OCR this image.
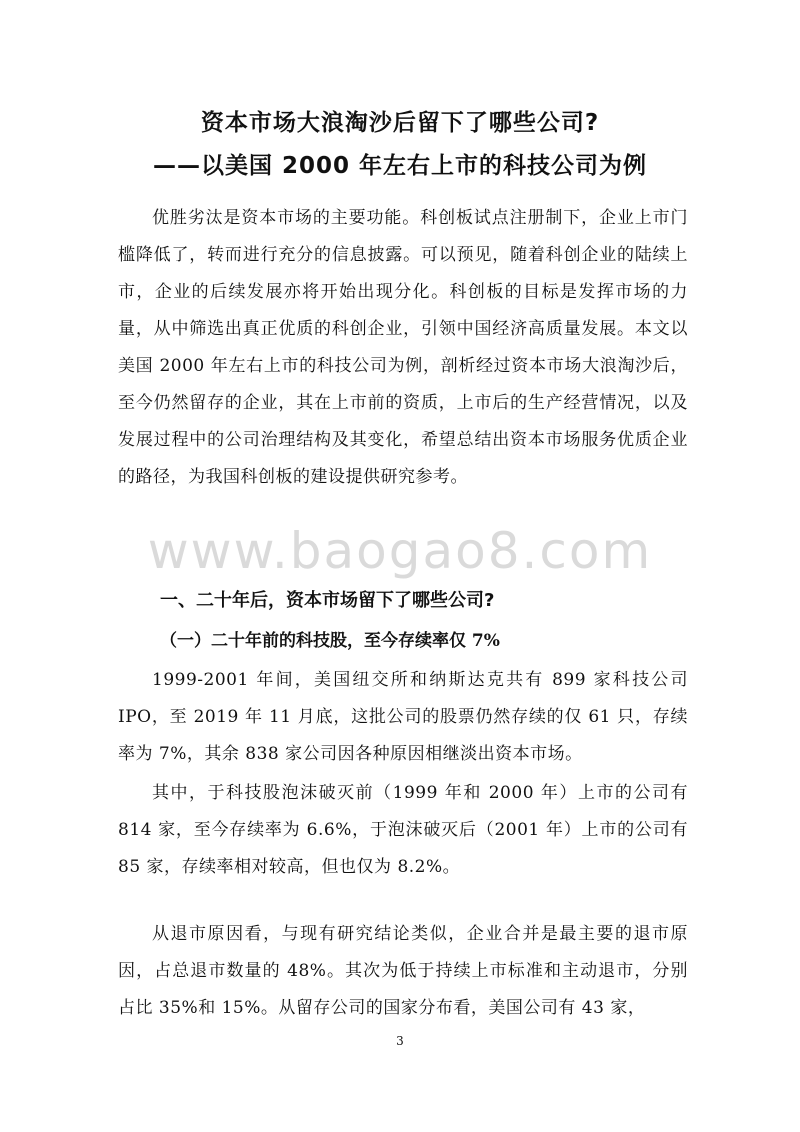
资本市场大浪淘沙后留下了哪些公司?
——以美国 2000 年左右上市的科技公司为例

优胜劣汰是资本市场的主要功能。科创板试点注册制下，企业上市门槛降低了，转而进行充分的信息披露。可以预见，随着科创企业的陆续上市，企业的后续发展亦将开始出现分化。科创板的目标是发挥市场的力量，从中筛选出真正优质的科创企业，引领中国经济高质量发展。本文以美国 2000 年左右上市的科技公司为例，剖析经过资本市场大浪淘沙后，至今仍然留存的企业，其在上市前的资质，上市后的生产经营情况，以及发展过程中的公司治理结构及其变化，希望总结出资本市场服务优质企业的路径，为我国科创板的建设提供研究参考。

www.baogao8.com
一、二十年后，资本市场留下了哪些公司?
（一）二十年前的科技股，至今存续率仅 7%

1999-2001 年间，美国纽交所和纳斯达克共有 899 家科技公司 IPO，至 2019 年 11 月底，这批公司的股票仍然存续的仅 61 只，存续率为 7%，其余 838 家公司因各种原因相继淡出资本市场。

其中，于科技股泡沫破灭前（1999 年和 2000 年）上市的公司有 814 家，至今存续率为 6.6%，于泡沫破灭后（2001 年）上市的公司有 85 家，存续率相对较高，但也仅为 8.2%。

从退市原因看，与现有研究结论类似，企业合并是最主要的退市原因，占总退市数量的 48%。其次为低于持续上市标准和主动退市，分别占比 35%和 15%。从留存公司的国家分布看，美国公司有 43 家，

3
